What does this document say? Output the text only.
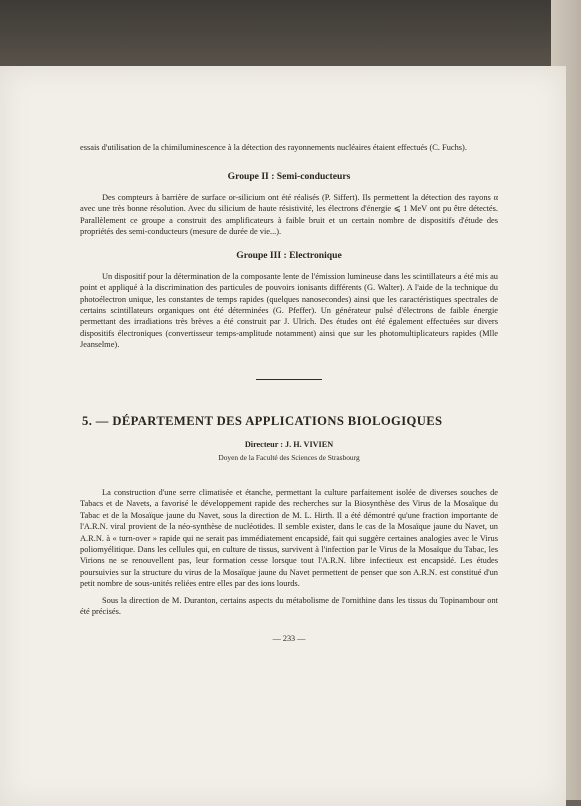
essais d'utilisation de la chimiluminescence à la détection des rayonnements nucléaires étaient effectués (C. Fuchs).

Groupe II : Semi-conducteurs

Des compteurs à barrière de surface or-silicium ont été réalisés (P. Siffert). Ils permettent la détection des rayons α avec une très bonne résolution. Avec du silicium de haute résistivité, les électrons d'énergie ⩽ 1 MeV ont pu être détectés. Parallèlement ce groupe a construit des amplificateurs à faible bruit et un certain nombre de dispositifs d'étude des propriétés des semi-conducteurs (mesure de durée de vie...).

Groupe III : Electronique

Un dispositif pour la détermination de la composante lente de l'émission lumineuse dans les scintillateurs a été mis au point et appliqué à la discrimination des particules de pouvoirs ionisants différents (G. Walter). A l'aide de la technique du photoélectron unique, les constantes de temps rapides (quelques nanosecondes) ainsi que les caractéristiques spectrales de certains scintillateurs organiques ont été déterminées (G. Pfeffer). Un générateur pulsé d'électrons de faible énergie permettant des irradiations très brèves a été construit par J. Ulrich. Des études ont été également effectuées sur divers dispositifs électroniques (convertisseur temps-amplitude notamment) ainsi que sur les photomultiplicateurs rapides (Mlle Jeanselme).

5. — DÉPARTEMENT DES APPLICATIONS BIOLOGIQUES
Directeur : J. H. VIVIEN
Doyen de la Faculté des Sciences de Strasbourg

La construction d'une serre climatisée et étanche, permettant la culture parfaitement isolée de diverses souches de Tabacs et de Navets, a favorisé le développement rapide des recherches sur la Biosynthèse des Virus de la Mosaïque du Tabac et de la Mosaïque jaune du Navet, sous la direction de M. L. Hirth. Il a été démontré qu'une fraction importante de l'A.R.N. viral provient de la néo-synthèse de nucléotides. Il semble exister, dans le cas de la Mosaïque jaune du Navet, un A.R.N. à « turn-over » rapide qui ne serait pas immédiatement encapsidé, fait qui suggère certaines analogies avec le Virus poliomyélitique. Dans les cellules qui, en culture de tissus, survivent à l'infection par le Virus de la Mosaïque du Tabac, les Virions ne se renouvellent pas, leur formation cesse lorsque tout l'A.R.N. libre infectieux est encapsidé. Les études poursuivies sur la structure du virus de la Mosaïque jaune du Navet permettent de penser que son A.R.N. est constitué d'un petit nombre de sous-unités reliées entre elles par des ions lourds.

Sous la direction de M. Duranton, certains aspects du métabolisme de l'ornithine dans les tissus du Topinambour ont été précisés.

— 233 —
